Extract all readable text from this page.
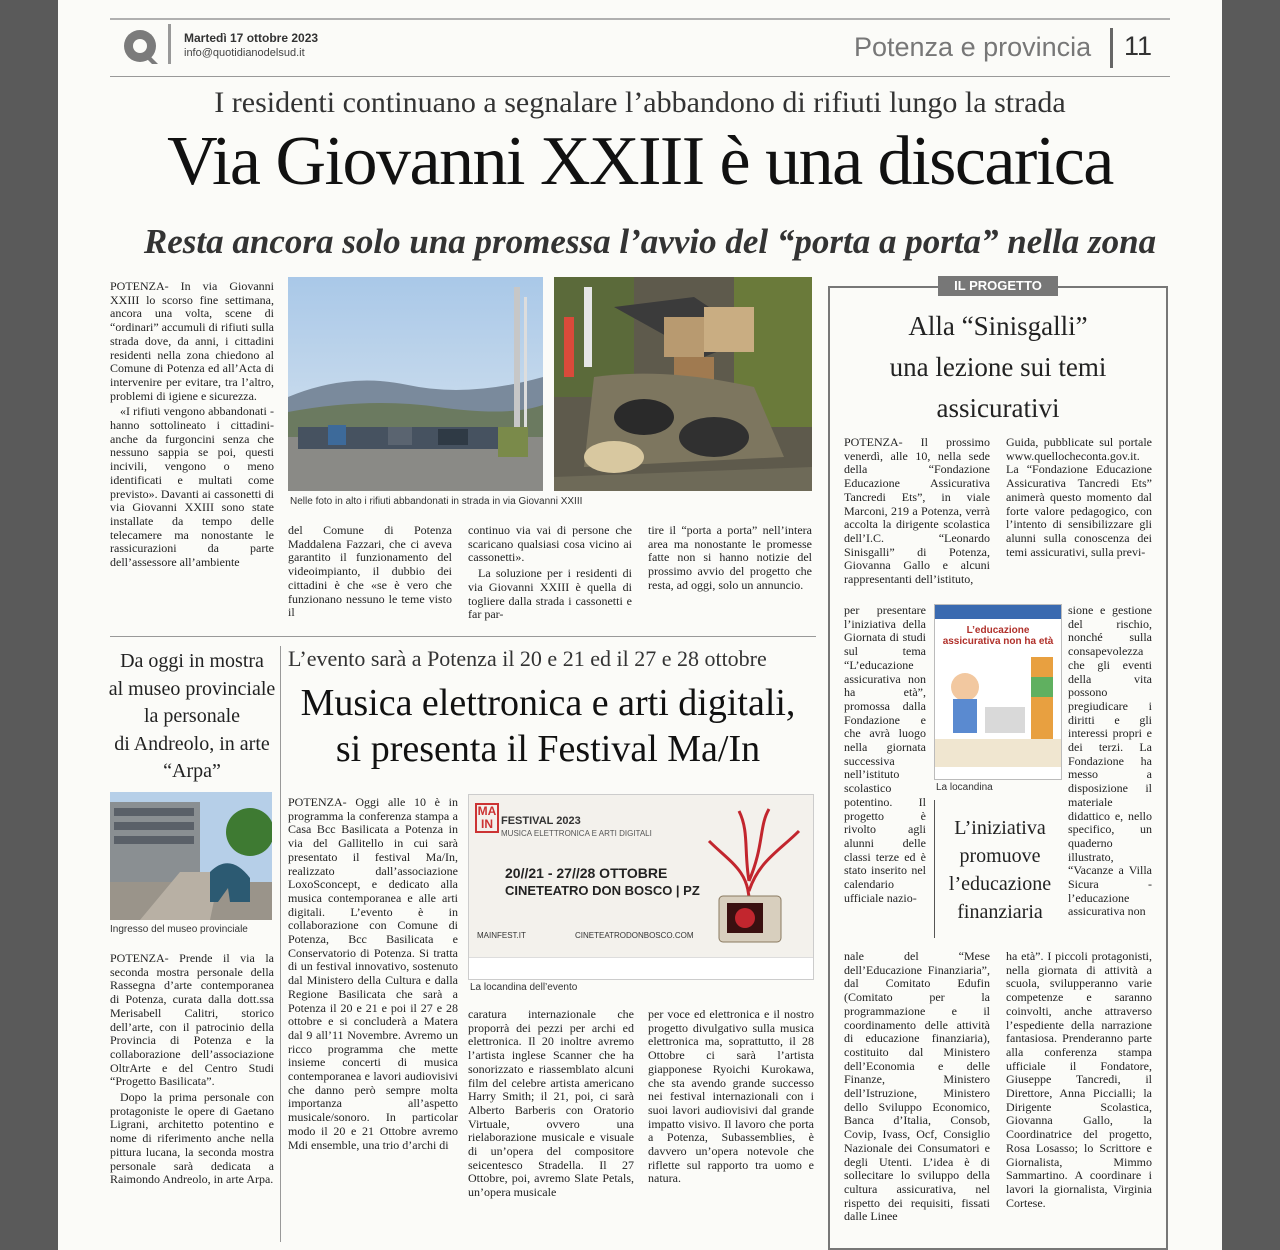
Martedì 17 ottobre 2023
info@quotidianodelsud.it	Potenza e provincia 11
I residenti continuano a segnalare l’abbandono di rifiuti lungo la strada
Via Giovanni XXIII è una discarica
Resta ancora solo una promessa l’avvio del “porta a porta” nella zona

POTENZA- In via Giovanni XXIII lo scorso fine settimana, ancora una volta, scene di “ordinari” accumuli di rifiuti sulla strada dove, da anni, i cittadini residenti nella zona chiedono al Comune di Potenza ed all’Acta di intervenire per evitare, tra l’altro, problemi di igiene e sicurezza.

«I rifiuti vengono abbandonati -hanno sottolineato i cittadini- anche da furgoncini senza che nessuno sappia se poi, questi incivili, vengono o meno identificati e multati come previsto». Davanti ai cassonetti di via Giovanni XXIII sono state installate da tempo delle telecamere ma nonostante le rassicurazioni da parte dell’assessore all’ambiente

Nelle foto in alto i rifiuti abbandonati in strada in via Giovanni XXIII

del Comune di Potenza Maddalena Fazzari, che ci aveva garantito il funzionamento del videoimpianto, il dubbio dei cittadini è che «se è vero che funzionano nessuno le teme visto il

continuo via vai di persone che scaricano qualsiasi cosa vicino ai cassonetti».

La soluzione per i residenti di via Giovanni XXIII è quella di togliere dalla strada i cassonetti e far par-

tire il “porta a porta” nell’intera area ma nonostante le promesse fatte non si hanno notizie del prossimo avvio del progetto che resta, ad oggi, solo un annuncio.

IL PROGETTO
Alla “Sinisgalli”
una lezione sui temi
assicurativi

POTENZA- Il prossimo venerdì, alle 10, nella sede della “Fondazione Educazione Assicurativa Tancredi Ets”, in viale Marconi, 219 a Potenza, verrà accolta la dirigente scolastica dell’I.C. “Leonardo Sinisgalli” di Potenza, Giovanna Gallo e alcuni rappresentanti dell’istituto,

per presentare l’iniziativa della Giornata di studi sul tema “L’educazione assicurativa non ha età”, promossa dalla Fondazione e che avrà luogo nella giornata successiva nell’istituto scolastico potentino. Il progetto è rivolto agli alunni delle classi terze ed è stato inserito nel calendario ufficiale nazio-

nale del “Mese dell’Educazione Finanziaria”, dal Comitato Edufin (Comitato per la programmazione e il coordinamento delle attività di educazione finanziaria), costituito dal Ministero dell’Economia e delle Finanze, Ministero dell’Istruzione, Ministero dello Sviluppo Economico, Banca d’Italia, Consob, Covip, Ivass, Ocf, Consiglio Nazionale dei Consumatori e degli Utenti. L’idea è di sollecitare lo sviluppo della cultura assicurativa, nel rispetto dei requisiti, fissati dalle Linee

Guida, pubblicate sul portale www.quellocheconta.gov.it. La “Fondazione Educazione Assicurativa Tancredi Ets” animerà questo momento dal forte valore pedagogico, con l’intento di sensibilizzare gli alunni sulla conoscenza dei temi assicurativi, sulla previ-

sione e gestione del rischio, nonché sulla consapevolezza che gli eventi della vita possono pregiudicare i diritti e gli interessi propri e dei terzi. La Fondazione ha messo a disposizione il materiale didattico e, nello specifico, un quaderno illustrato, “Vacanze a Villa Sicura - l’educazione assicurativa non

ha età”. I piccoli protagonisti, nella giornata di attività a scuola, svilupperanno varie competenze e saranno coinvolti, anche attraverso l’espediente della narrazione fantasiosa. Prenderanno parte alla conferenza stampa ufficiale il Fondatore, Giuseppe Tancredi, il Direttore, Anna Piccialli; la Dirigente Scolastica, Giovanna Gallo, la Coordinatrice del progetto, Rosa Losasso; lo Scrittore e Giornalista, Mimmo Sammartino. A coordinare i lavori la giornalista, Virginia Cortese.

L’educazione assicurativa non ha età
La locandina
L’iniziativa
promuove
l’educazione
finanziaria
Da oggi in mostra
al museo provinciale
la personale
di Andreolo, in arte
“Arpa”
Ingresso del museo provinciale

POTENZA- Prende il via la seconda mostra personale della Rassegna d’arte contemporanea di Potenza, curata dalla dott.ssa Merisabell Calitri, storico dell’arte, con il patrocinio della Provincia di Potenza e la collaborazione dell’associazione OltrArte e del Centro Studi “Progetto Basilicata”.

Dopo la prima personale con protagoniste le opere di Gaetano Ligrani, architetto potentino e nome di riferimento anche nella pittura lucana, la seconda mostra personale sarà dedicata a Raimondo Andreolo, in arte Arpa.

L’evento sarà a Potenza il 20 e 21 ed il 27 e 28 ottobre
Musica elettronica e arti digitali,
si presenta il Festival Ma/In

POTENZA- Oggi alle 10 è in programma la conferenza stampa a Casa Bcc Basilicata a Potenza in via del Gallitello in cui sarà presentato il festival Ma/In, realizzato dall’associazione LoxoSconcept, e dedicato alla musica contemporanea e alle arti digitali. L’evento è in collaborazione con Comune di Potenza, Bcc Basilicata e Conservatorio di Potenza. Si tratta di un festival innovativo, sostenuto dal Ministero della Cultura e dalla Regione Basilicata che sarà a Potenza il 20 e 21 e poi il 27 e 28 ottobre e si concluderà a Matera dal 9 all’11 Novembre. Avremo un ricco programma che mette insieme concerti di musica contemporanea e lavori audiovisivi che danno però sempre molta importanza all’aspetto musicale/sonoro. In particolar modo il 20 e 21 Ottobre avremo Mdi ensemble, una trio d’archi di

MA IN FESTIVAL 2023
MUSICA ELETTRONICA E ARTI DIGITALI
20//21 - 27//28 OTTOBRE
CINETEATRO DON BOSCO | PZ
MAINFEST.IT	CINETEATRODONBOSCO.COM
La locandina dell’evento

caratura internazionale che proporrà dei pezzi per archi ed elettronica. Il 20 inoltre avremo l’artista inglese Scanner che ha sonorizzato e riassemblato alcuni film del celebre artista americano Harry Smith; il 21, poi, ci sarà Alberto Barberis con Oratorio Virtuale, ovvero una rielaborazione musicale e visuale di un’opera del compositore seicentesco Stradella. Il 27 Ottobre, poi, avremo Slate Petals, un’opera musicale

per voce ed elettronica e il nostro progetto divulgativo sulla musica elettronica ma, soprattutto, il 28 Ottobre ci sarà l’artista giapponese Ryoichi Kurokawa, che sta avendo grande successo nei festival internazionali con i suoi lavori audiovisivi dal grande impatto visivo. Il lavoro che porta a Potenza, Subassemblies, è davvero un’opera notevole che riflette sul rapporto tra uomo e natura.
